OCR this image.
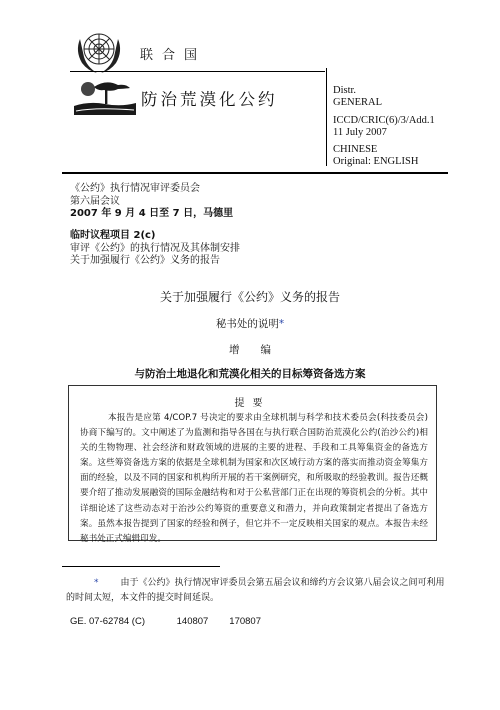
联合国
防治荒漠化公约	Distr.
GENERAL
ICCD/CRIC(6)/3/Add.1
11 July 2007
CHINESE
Original: ENGLISH
《公约》执行情况审评委员会
第六届会议
2007 年 9 月 4 日至 7 日，马德里
临时议程项目 2(c)
审评《公约》的执行情况及其体制安排
关于加强履行《公约》义务的报告
关于加强履行《公约》义务的报告
秘书处的说明*
增　　编
与防治土地退化和荒漠化相关的目标筹资备选方案
提要

本报告是应第 4/COP.7 号决定的要求由全球机制与科学和技术委员会(科技委员会)协商下编写的。文中阐述了为监测和指导各国在与执行联合国防治荒漠化公约(治沙公约)相关的生物物理、社会经济和财政领域的进展的主要的进程、手段和工具筹集资金的备选方案。这些筹资备选方案的依据是全球机制为国家和次区域行动方案的落实而推动资金筹集方面的经验，以及不同的国家和机构所开展的若干案例研究，和所吸取的经验教训。报告还概要介绍了推动发展融资的国际金融结构和对于公私营部门正在出现的筹资机会的分析。其中详细论述了这些动态对于治沙公约筹资的重要意义和潜力，并向政策制定者提出了备选方案。虽然本报告提到了国家的经验和例子，但它并不一定反映相关国家的观点。本报告未经秘书处正式编辑印发。

* 由于《公约》执行情况审评委员会第五届会议和缔约方会议第八届会议之间可利用的时间太短，本文件的提交时间延误。

GE. 07-62784 (C)	140807 170807
